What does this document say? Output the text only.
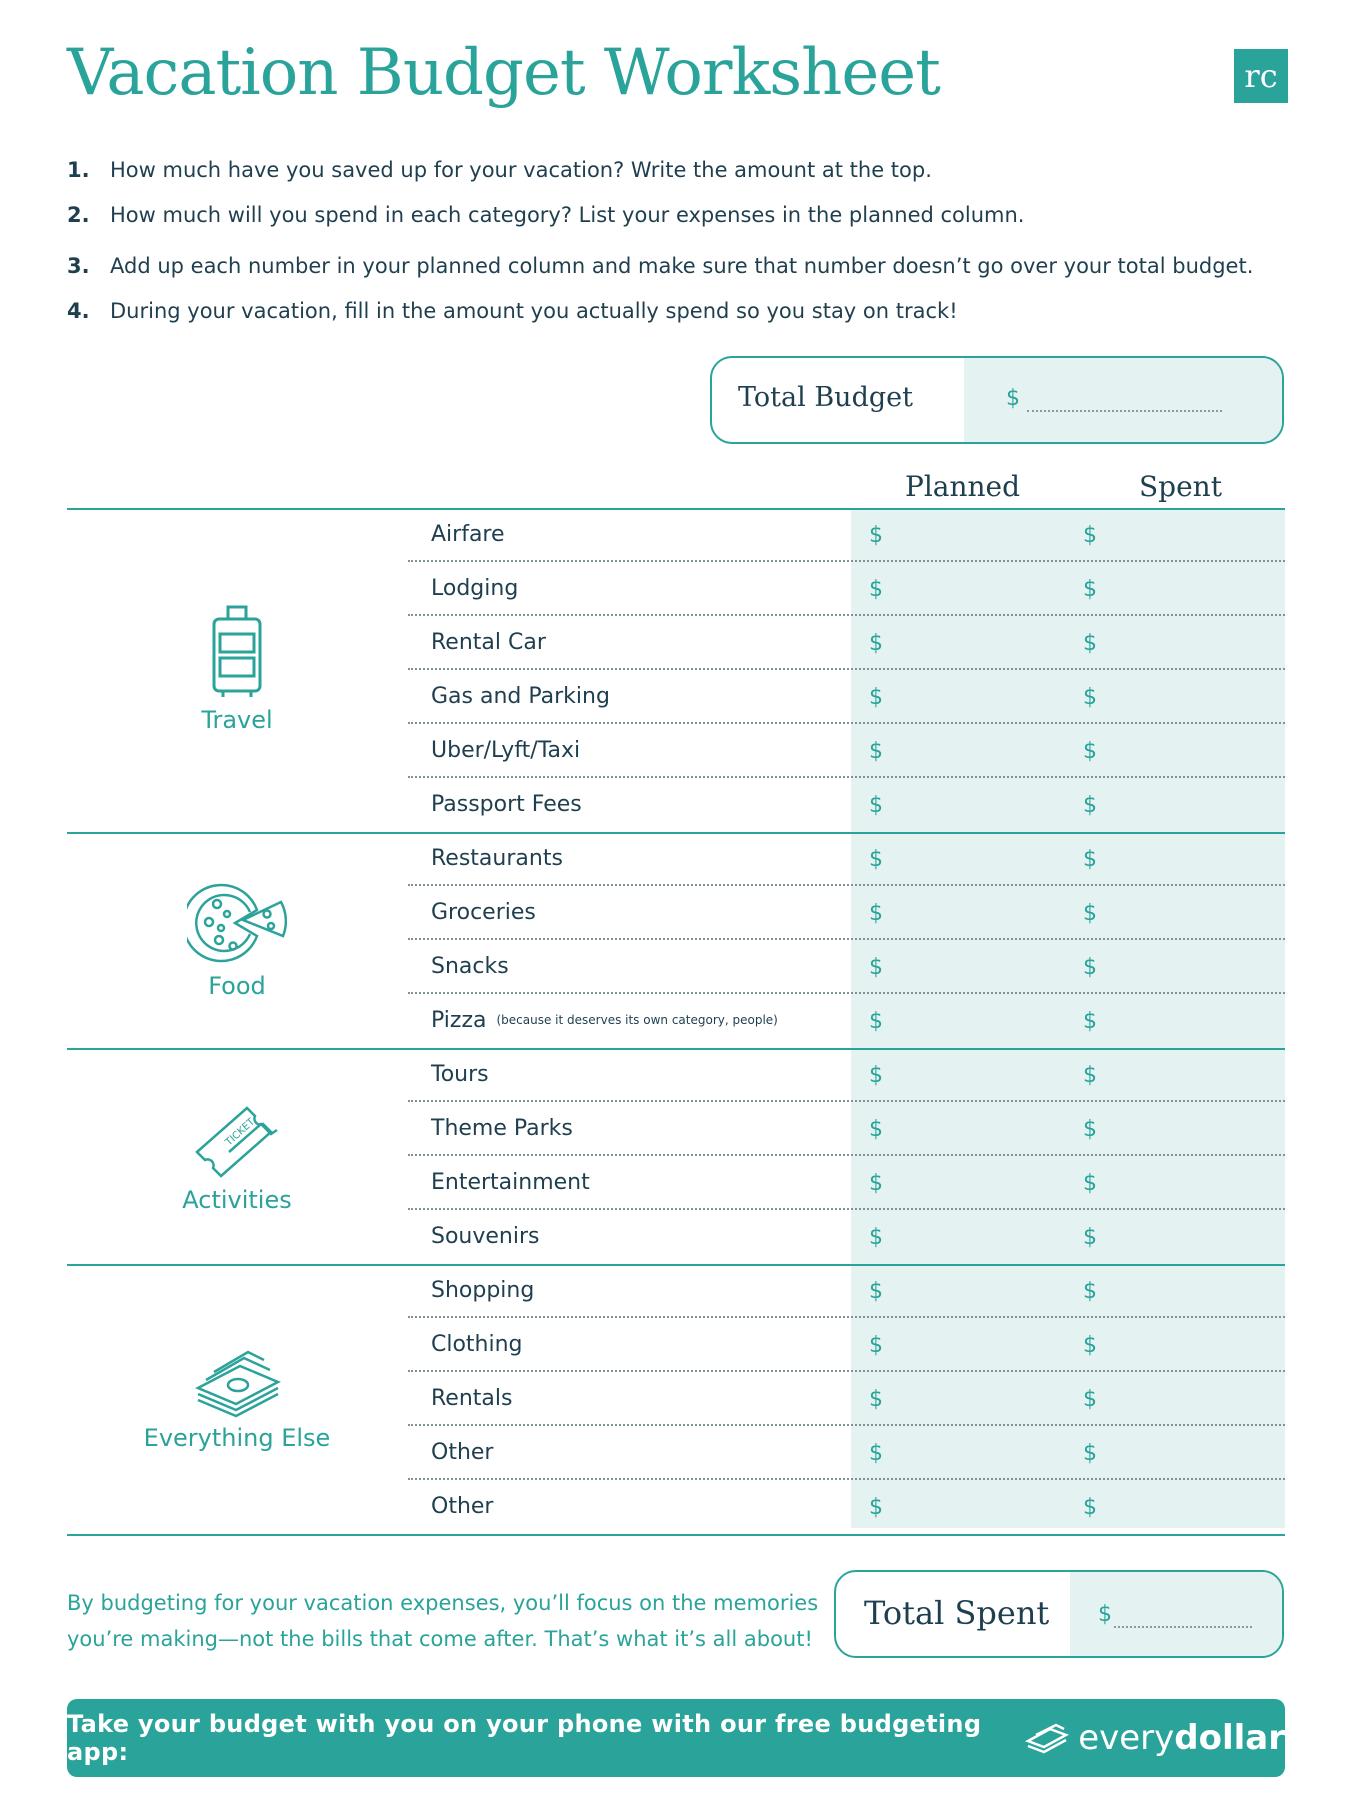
Vacation Budget Worksheet	rc
1. How much have you saved up for your vacation? Write the amount at the top.
2. How much will you spend in each category? List your expenses in the planned column.
3. Add up each number in your planned column and make sure that number doesn’t go over your total budget.
4. During your vacation, fill in the amount you actually spend so you stay on track!
Total Budget	$
Planned	Spent
Travel
Airfare	$	$
Lodging	$	$
Rental Car	$	$
Gas and Parking	$	$
Uber/Lyft/Taxi	$	$
Passport Fees	$	$
Food
Restaurants	$	$
Groceries	$	$
Snacks	$	$
Pizza (because it deserves its own category, people)	$	$
TICKET
Activities
Tours	$	$
Theme Parks	$	$
Entertainment	$	$
Souvenirs	$	$
Everything Else
Shopping	$	$
Clothing	$	$
Rentals	$	$
Other	$	$
Other	$	$
By budgeting for your vacation expenses, you’ll focus on the memories you’re making—not the bills that come after. That’s what it’s all about!
Total Spent $
Take your budget with you on your phone with our free budgeting app:	every dollar
